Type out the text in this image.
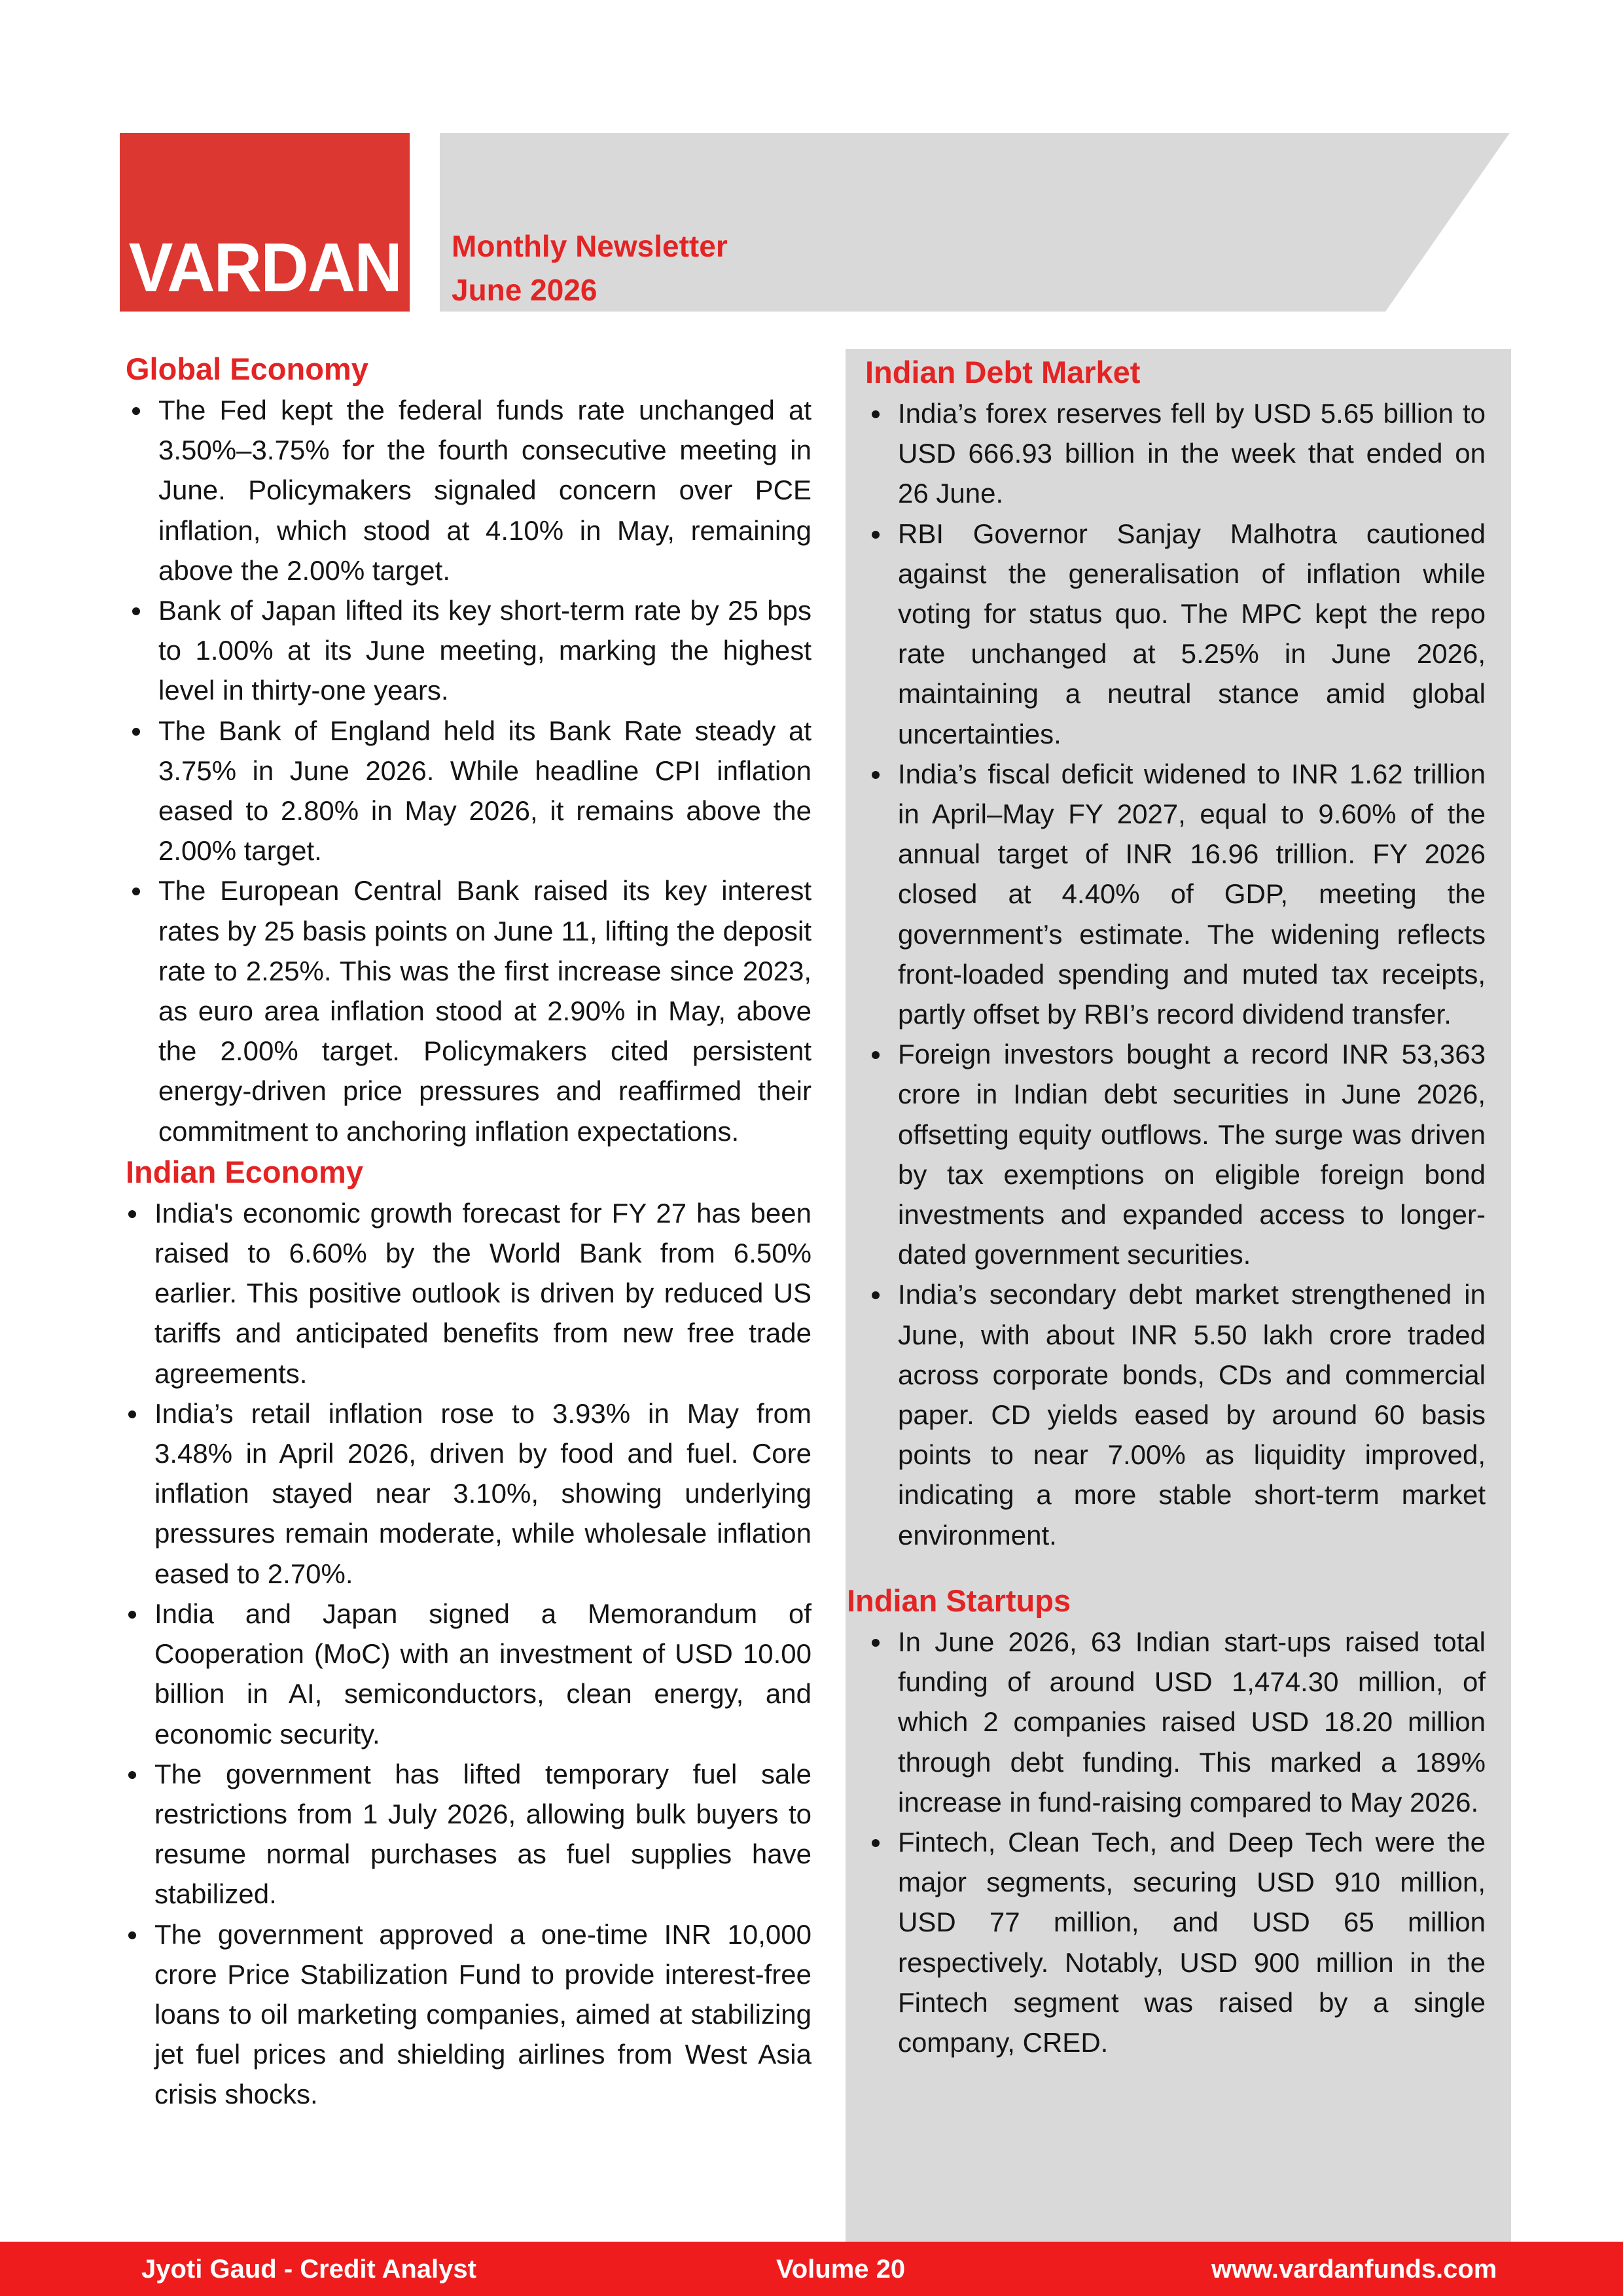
VARDAN Monthly Newsletter
June 2026
Global Economy
The Fed kept the federal funds rate unchanged at 3.50%–3.75% for the fourth consecutive meeting in June. Policymakers signaled concern over PCE inflation, which stood at 4.10% in May, remaining above the 2.00% target.
Bank of Japan lifted its key short-term rate by 25 bps to 1.00% at its June meeting, marking the highest level in thirty-one years.
The Bank of England held its Bank Rate steady at 3.75% in June 2026. While headline CPI inflation eased to 2.80% in May 2026, it remains above the 2.00% target.
The European Central Bank raised its key interest rates by 25 basis points on June 11, lifting the deposit rate to 2.25%. This was the first increase since 2023, as euro area inflation stood at 2.90% in May, above the 2.00% target. Policymakers cited persistent energy-driven price pressures and reaffirmed their commitment to anchoring inflation expectations.
Indian Economy
India's economic growth forecast for FY 27 has been raised to 6.60% by the World Bank from 6.50% earlier. This positive outlook is driven by reduced US tariffs and anticipated benefits from new free trade agreements.
India’s retail inflation rose to 3.93% in May from 3.48% in April 2026, driven by food and fuel. Core inflation stayed near 3.10%, showing underlying pressures remain moderate, while wholesale inflation eased to 2.70%.
India and Japan signed a Memorandum of Cooperation (MoC) with an investment of USD 10.00 billion in AI, semiconductors, clean energy, and economic security.
The government has lifted temporary fuel sale restrictions from 1 July 2026, allowing bulk buyers to resume normal purchases as fuel supplies have stabilized.
The government approved a one-time INR 10,000 crore Price Stabilization Fund to provide interest-free loans to oil marketing companies, aimed at stabilizing jet fuel prices and shielding airlines from West Asia crisis shocks.
Indian Debt Market
India’s forex reserves fell by USD 5.65 billion to USD 666.93 billion in the week that ended on 26 June.
RBI Governor Sanjay Malhotra cautioned against the generalisation of inflation while voting for status quo. The MPC kept the repo rate unchanged at 5.25% in June 2026, maintaining a neutral stance amid global uncertainties.
India’s fiscal deficit widened to INR 1.62 trillion in April–May FY 2027, equal to 9.60% of the annual target of INR 16.96 trillion. FY 2026 closed at 4.40% of GDP, meeting the government’s estimate. The widening reflects front-loaded spending and muted tax receipts, partly offset by RBI’s record dividend transfer.
Foreign investors bought a record INR 53,363 crore in Indian debt securities in June 2026, offsetting equity outflows. The surge was driven by tax exemptions on eligible foreign bond investments and expanded access to longer-dated government securities.
India’s secondary debt market strengthened in June, with about INR 5.50 lakh crore traded across corporate bonds, CDs and commercial paper. CD yields eased by around 60 basis points to near 7.00% as liquidity improved, indicating a more stable short-term market environment.
Indian Startups
In June 2026, 63 Indian start-ups raised total funding of around USD 1,474.30 million, of which 2 companies raised USD 18.20 million through debt funding. This marked a 189% increase in fund-raising compared to May 2026.
Fintech, Clean Tech, and Deep Tech were the major segments, securing USD 910 million, USD 77 million, and USD 65 million respectively. Notably, USD 900 million in the Fintech segment was raised by a single company, CRED.
Jyoti Gaud - Credit Analyst	Volume 20	www.vardanfunds.com
